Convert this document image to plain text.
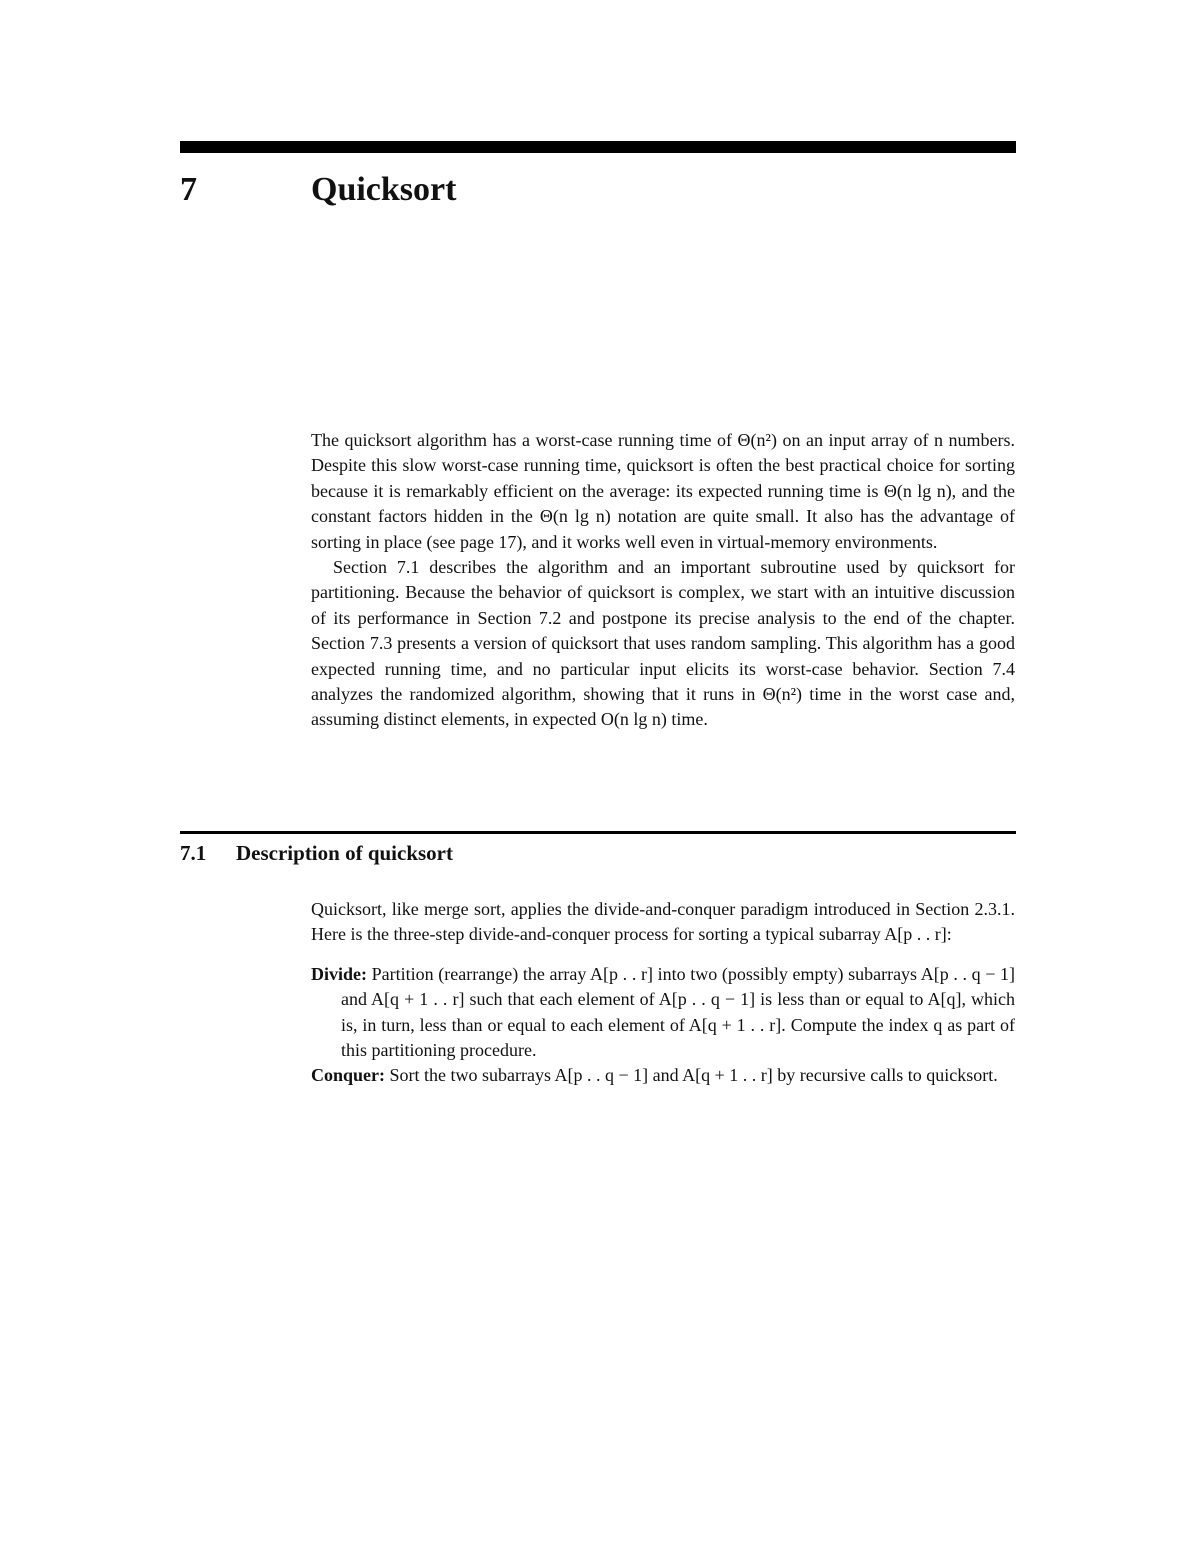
7	Quicksort

The quicksort algorithm has a worst-case running time of Θ(n²) on an input array of n numbers. Despite this slow worst-case running time, quicksort is often the best practical choice for sorting because it is remarkably efficient on the average: its expected running time is Θ(n lg n), and the constant factors hidden in the Θ(n lg n) notation are quite small. It also has the advantage of sorting in place (see page 17), and it works well even in virtual-memory environments.

Section 7.1 describes the algorithm and an important subroutine used by quicksort for partitioning. Because the behavior of quicksort is complex, we start with an intuitive discussion of its performance in Section 7.2 and postpone its precise analysis to the end of the chapter. Section 7.3 presents a version of quicksort that uses random sampling. This algorithm has a good expected running time, and no particular input elicits its worst-case behavior. Section 7.4 analyzes the randomized algorithm, showing that it runs in Θ(n²) time in the worst case and, assuming distinct elements, in expected O(n lg n) time.

7.1 Description of quicksort

Quicksort, like merge sort, applies the divide-and-conquer paradigm introduced in Section 2.3.1. Here is the three-step divide-and-conquer process for sorting a typical subarray A[p . . r]:

Divide: Partition (rearrange) the array A[p . . r] into two (possibly empty) subarrays A[p . . q − 1] and A[q + 1 . . r] such that each element of A[p . . q − 1] is less than or equal to A[q], which is, in turn, less than or equal to each element of A[q + 1 . . r]. Compute the index q as part of this partitioning procedure.

Conquer: Sort the two subarrays A[p . . q − 1] and A[q + 1 . . r] by recursive calls to quicksort.
